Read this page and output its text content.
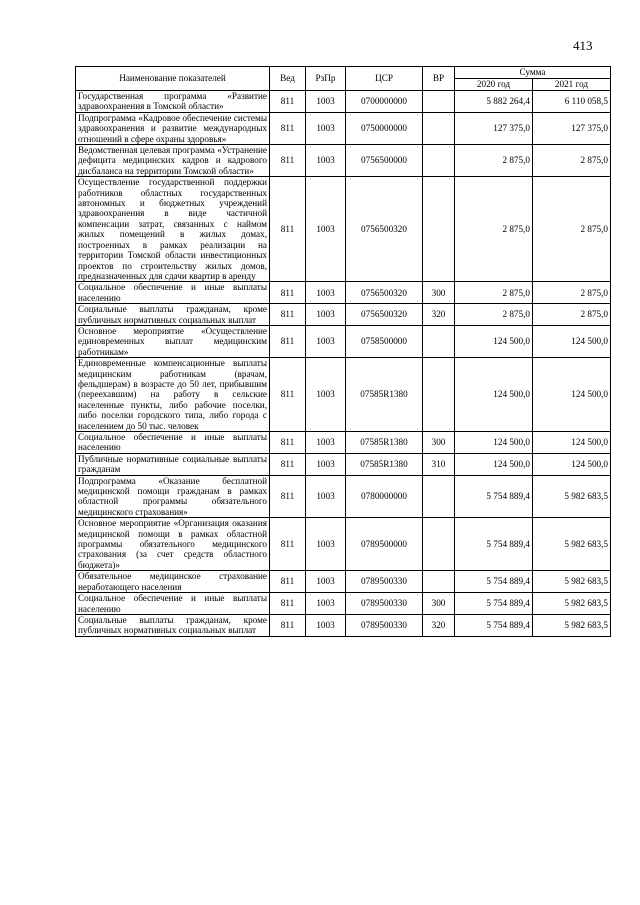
413
Наименование показателей	Вед	РзПр	ЦСР	ВР	Сумма	
					2020 год	2021 год
Государственная программа «Развитие здравоохранения в Томской области»	811	1003	0700000000		5 882 264,4	6 110 058,5
Подпрограмма «Кадровое обеспечение системы здравоохранения и развитие международных отношений в сфере охраны здоровья»	811	1003	0750000000		127 375,0	127 375,0
Ведомственная целевая программа «Устранение дефицита медицинских кадров и кадрового дисбаланса на территории Томской области»	811	1003	0756500000		2 875,0	2 875,0
Осуществление государственной поддержки работников областных государственных автономных и бюджетных учреждений здравоохранения в виде частичной компенсации затрат, связанных с наймом жилых помещений в жилых домах, построенных в рамках реализации на территории Томской области инвестиционных проектов по строительству жилых домов, предназначенных для сдачи квартир в аренду	811	1003	0756500320		2 875,0	2 875,0
Социальное обеспечение и иные выплаты населению	811	1003	0756500320	300	2 875,0	2 875,0
Социальные выплаты гражданам, кроме публичных нормативных социальных выплат	811	1003	0756500320	320	2 875,0	2 875,0
Основное мероприятие «Осуществление единовременных выплат медицинским работникам»	811	1003	0758500000		124 500,0	124 500,0
Единовременные компенсационные выплаты медицинским работникам (врачам, фельдшерам) в возрасте до 50 лет, прибывшим (переехавшим) на работу в сельские населенные пункты, либо рабочие поселки, либо поселки городского типа, либо города с населением до 50 тыс. человек	811	1003	07585R1380		124 500,0	124 500,0
Социальное обеспечение и иные выплаты населению	811	1003	07585R1380	300	124 500,0	124 500,0
Публичные нормативные социальные выплаты гражданам	811	1003	07585R1380	310	124 500,0	124 500,0
Подпрограмма «Оказание бесплатной медицинской помощи гражданам в рамках областной программы обязательного медицинского страхования»	811	1003	0780000000		5 754 889,4	5 982 683,5
Основное мероприятие «Организация оказания медицинской помощи в рамках областной программы обязательного медицинского страхования (за счет средств областного бюджета)»	811	1003	0789500000		5 754 889,4	5 982 683,5
Обязательное медицинское страхование неработающего населения	811	1003	0789500330		5 754 889,4	5 982 683,5
Социальное обеспечение и иные выплаты населению	811	1003	0789500330	300	5 754 889,4	5 982 683,5
Социальные выплаты гражданам, кроме публичных нормативных социальных выплат	811	1003	0789500330	320	5 754 889,4	5 982 683,5
